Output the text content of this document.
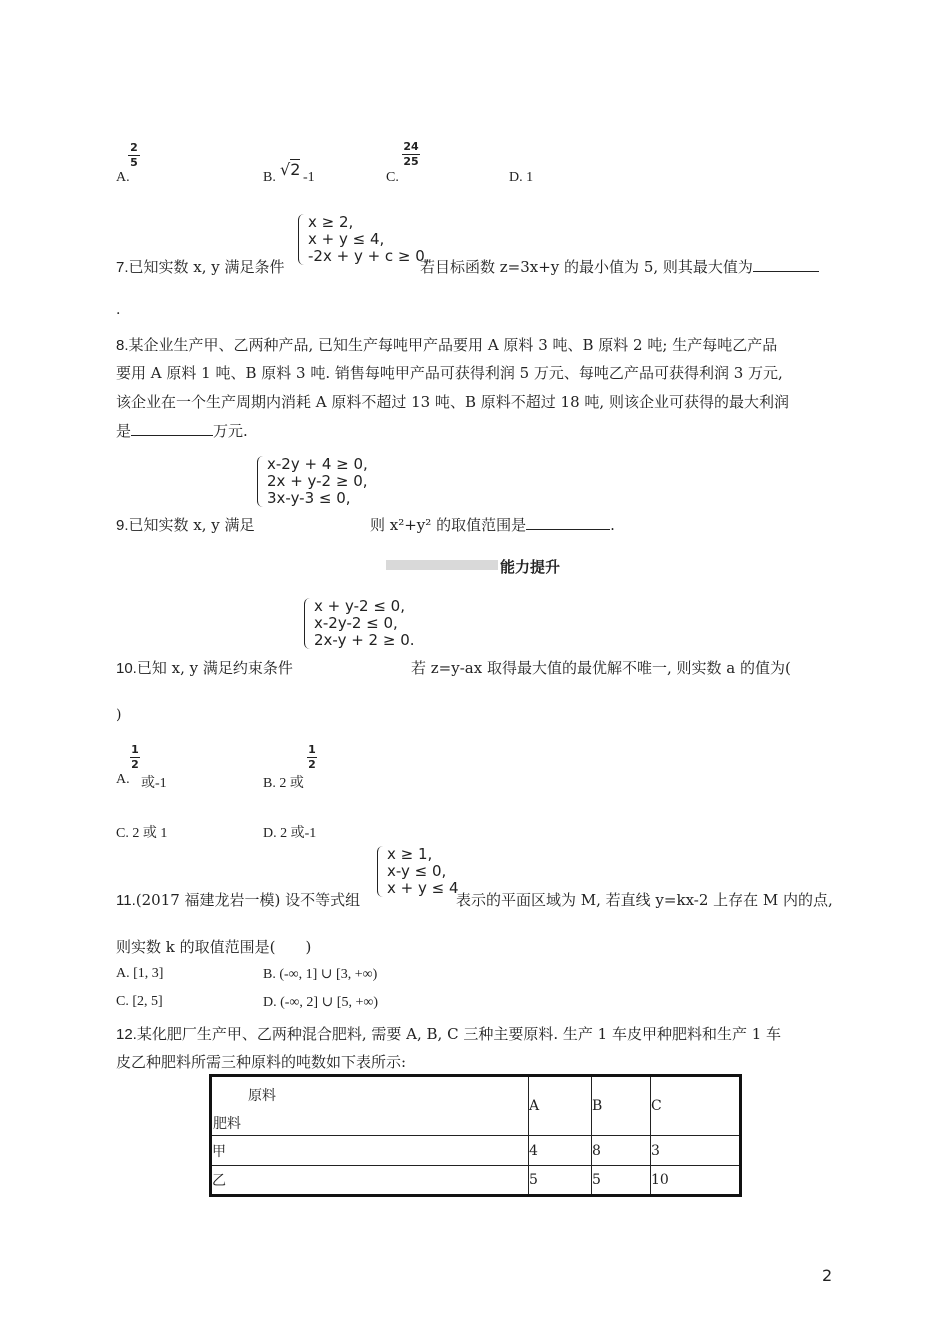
A.
2
5
B. √2 -1	C.
24
25
D. 1
x ≥ 2,
x + y ≤ 4,
-2x + y + c ≥ 0,
7.已知实数 x, y 满足条件	若目标函数 z=3x+y 的最小值为 5, 则其最大值为
.
8.某企业生产甲、乙两种产品, 已知生产每吨甲产品要用 A 原料 3 吨、B 原料 2 吨; 生产每吨乙产品
要用 A 原料 1 吨、B 原料 3 吨. 销售每吨甲产品可获得利润 5 万元、每吨乙产品可获得利润 3 万元,
该企业在一个生产周期内消耗 A 原料不超过 13 吨、B 原料不超过 18 吨, 则该企业可获得的最大利润
是	万元.
x-2y + 4 ≥ 0,
2x + y-2 ≥ 0,
3x-y-3 ≤ 0,
9.已知实数 x, y 满足	则 x²+y² 的取值范围是	.
能力提升
x + y-2 ≤ 0,
x-2y-2 ≤ 0,
2x-y + 2 ≥ 0.
10.已知 x, y 满足约束条件	若 z=y-ax 取得最大值的最优解不唯一, 则实数 a 的值为(
)
A.
1
2
或-1	B. 2 或
1
2
C. 2 或 1	D. 2 或-1
x ≥ 1,
x-y ≤ 0,
x + y ≤ 4
11.(2017 福建龙岩一模) 设不等式组	表示的平面区域为 M, 若直线 y=kx-2 上存在 M 内的点,
则实数 k 的取值范围是(　　)
A. [1, 3]	B. (-∞, 1] ∪ [3, +∞)
C. [2, 5]	D. (-∞, 2] ∪ [5, +∞)
12.某化肥厂生产甲、乙两种混合肥料, 需要 A, B, C 三种主要原料. 生产 1 车皮甲种肥料和生产 1 车
皮乙种肥料所需三种原料的吨数如下表所示:
原料
肥料	A	B	C
甲	4	8	3
乙	5	5	10
2
